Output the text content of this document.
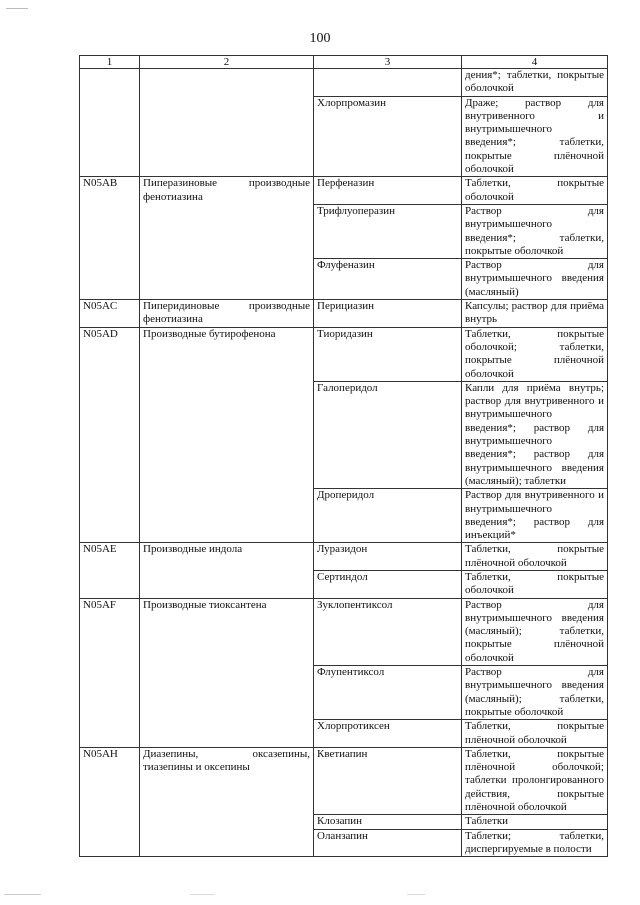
100
1	2	3	4
			дения*; таблетки, покрытые оболочкой
		Хлорпромазин	Драже; раствор для внутривенного и внутримышечного введения*; таблетки, покрытые плёночной оболочкой
N05AB	Пиперазиновые производные фенотиазина	Перфеназин	Таблетки, покрытые оболочкой
		Трифлуоперазин	Раствор для внутримышечного введения*; таблетки, покрытые оболочкой
		Флуфеназин	Раствор для внутримышечного введения (масляный)
N05AC	Пиперидиновые производные фенотиазина	Перициазин	Капсулы; раствор для приёма внутрь
N05AD	Производные бутирофенона	Тиоридазин	Таблетки, покрытые оболочкой; таблетки, покрытые плёночной оболочкой
		Галоперидол	Капли для приёма внутрь; раствор для внутривенного и внутримышечного введения*; раствор для внутримышечного введения*; раствор для внутримышечного введения (масляный); таблетки
		Дроперидол	Раствор для внутривенного и внутримышечного введения*; раствор для инъекций*
N05AE	Производные индола	Луразидон	Таблетки, покрытые плёночной оболочкой
		Сертиндол	Таблетки, покрытые оболочкой
N05AF	Производные тиоксантена	Зуклопентиксол	Раствор для внутримышечного введения (масляный); таблетки, покрытые плёночной оболочкой
		Флупентиксол	Раствор для внутримышечного введения (масляный); таблетки, покрытые оболочкой
		Хлорпротиксен	Таблетки, покрытые плёночной оболочкой
N05AH	Диазепины, оксазепины, тиазепины и оксепины	Кветиапин	Таблетки, покрытые плёночной оболочкой; таблетки пролонгированного действия, покрытые плёночной оболочкой
		Клозапин	Таблетки
		Оланзапин	Таблетки; таблетки, диспергируемые в полости
